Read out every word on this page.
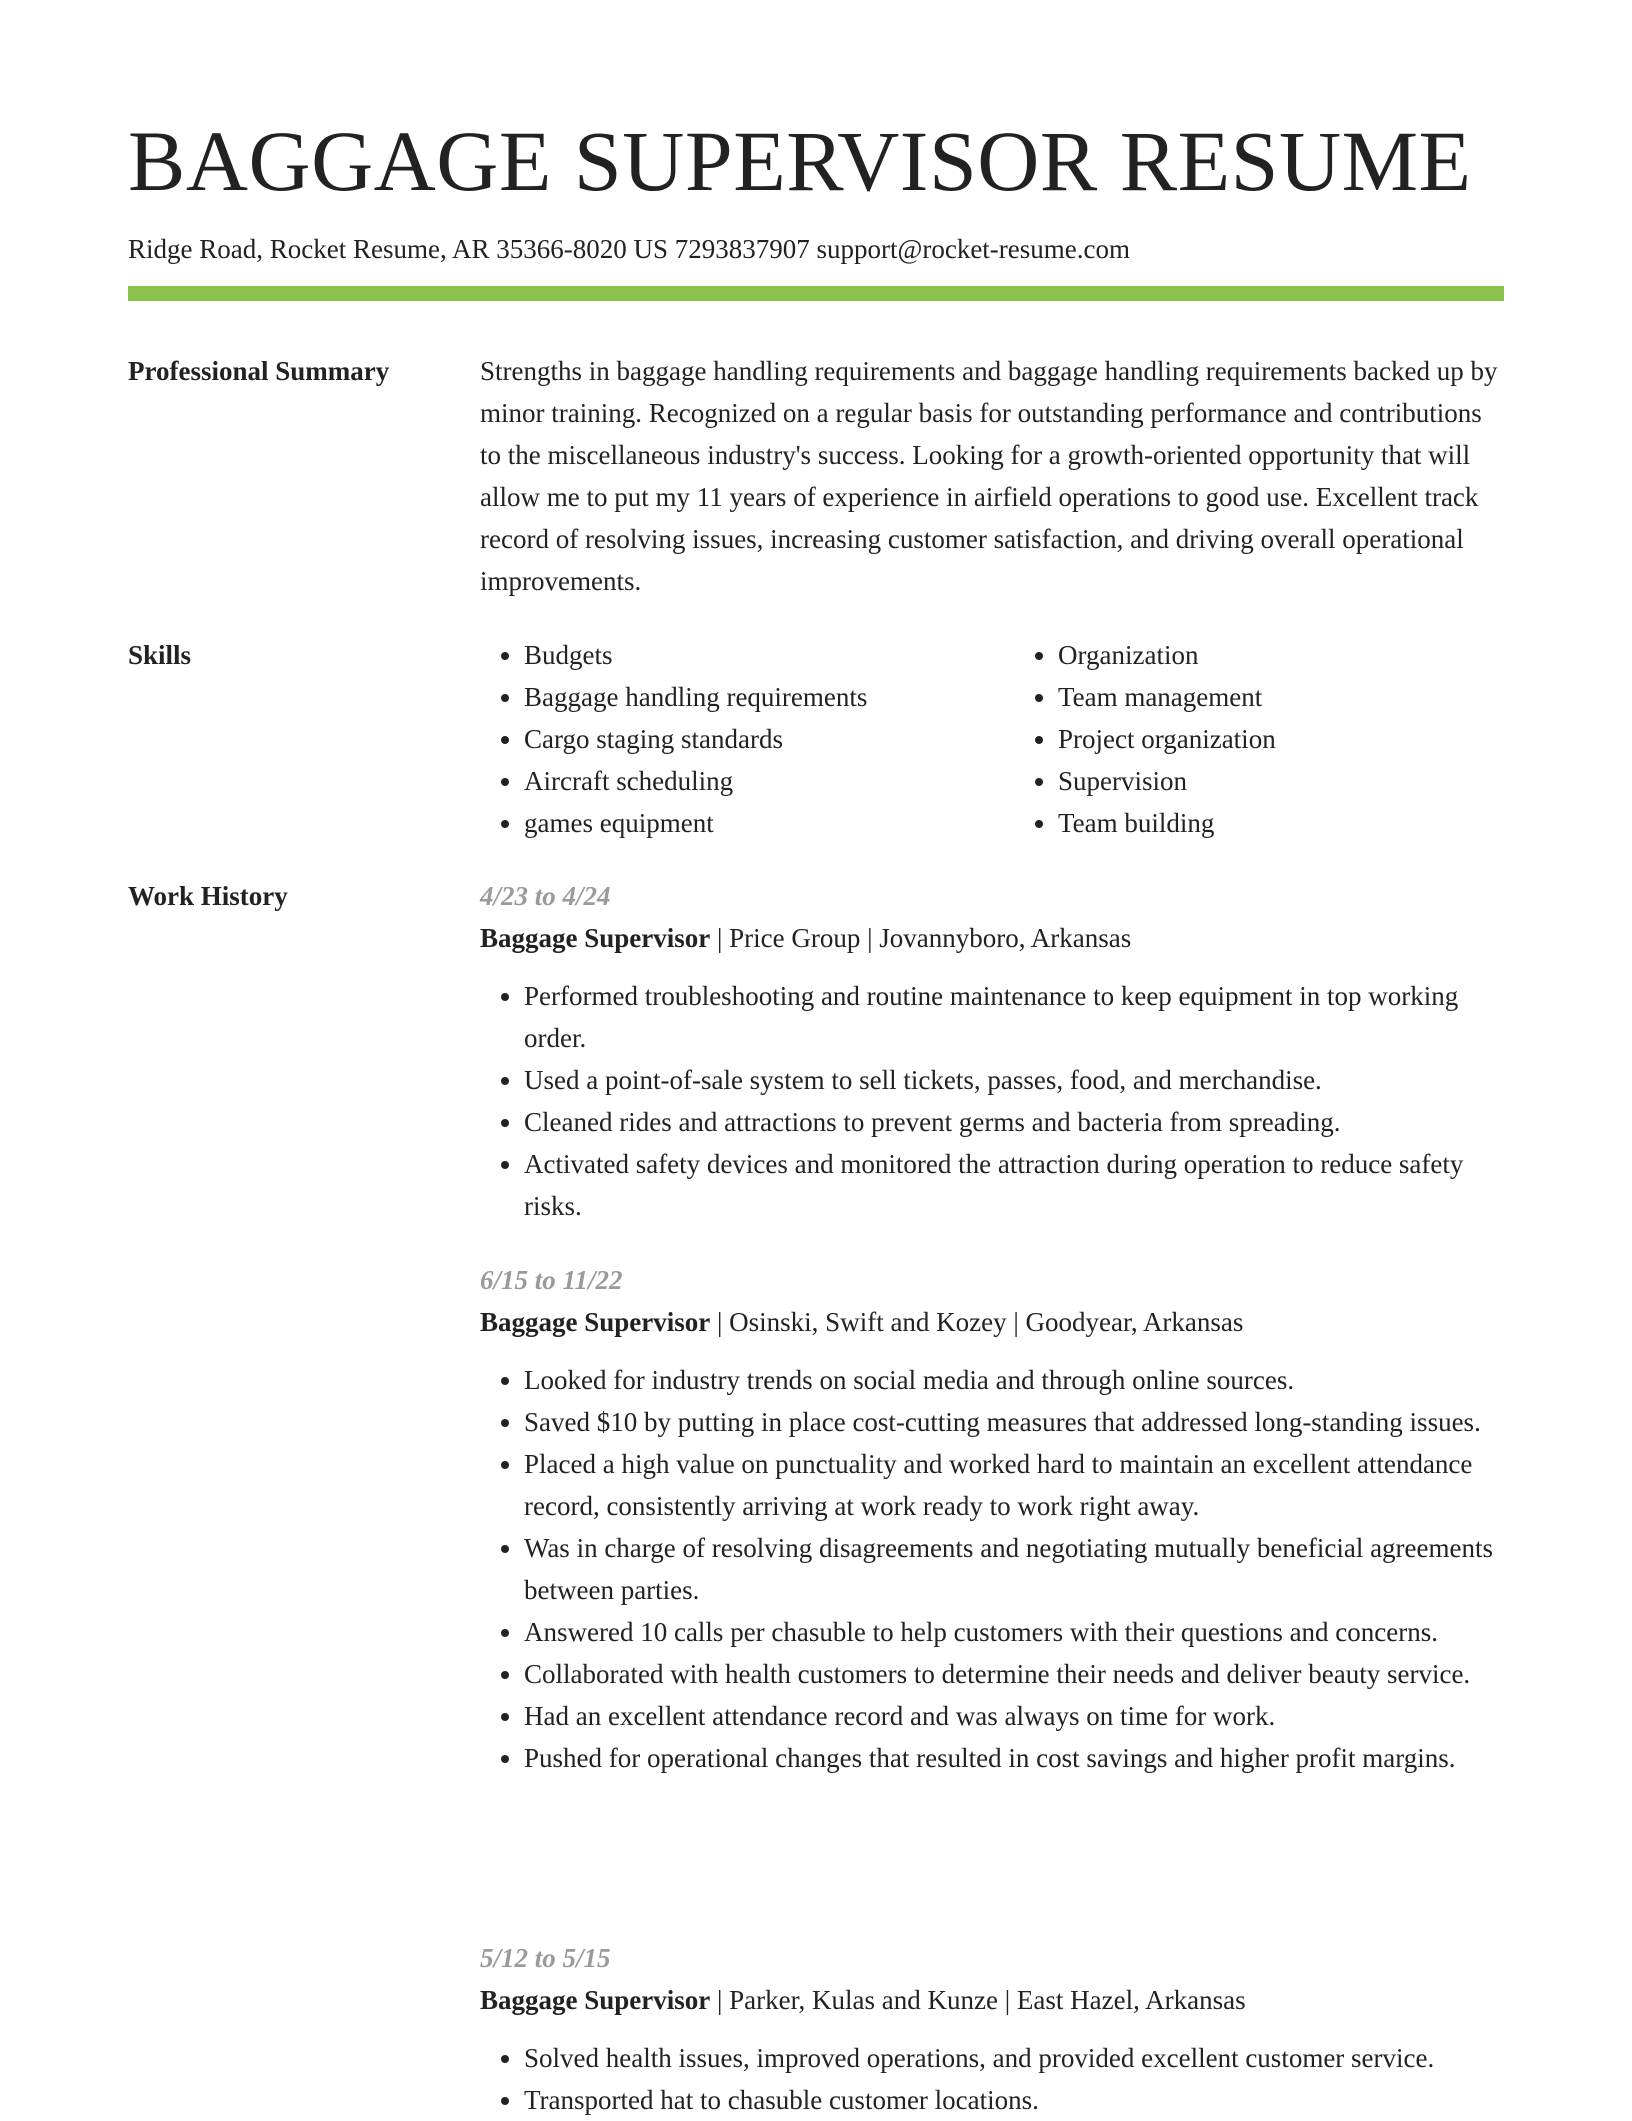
BAGGAGE SUPERVISOR RESUME
Ridge Road, Rocket Resume, AR 35366-8020 US 7293837907 support@rocket-resume.com
Professional Summary	Strengths in baggage handling requirements and baggage handling requirements backed up by minor training. Recognized on a regular basis for outstanding performance and contributions to the miscellaneous industry's success. Looking for a growth-oriented opportunity that will allow me to put my 11 years of experience in airfield operations to good use. Excellent track record of resolving issues, increasing customer satisfaction, and driving overall operational improvements.
Skills
•	Budgets
• Baggage handling requirements
• Cargo staging standards
• Aircraft scheduling
• games equipment
• Organization
• Team management
• Project organization
• Supervision
• Team building
Work History	4/23 to 4/24
Baggage Supervisor | Price Group | Jovannyboro, Arkansas
• Performed troubleshooting and routine maintenance to keep equipment in top working order.
• Used a point-of-sale system to sell tickets, passes, food, and merchandise.
• Cleaned rides and attractions to prevent germs and bacteria from spreading.
• Activated safety devices and monitored the attraction during operation to reduce safety risks.
6/15 to 11/22
Baggage Supervisor | Osinski, Swift and Kozey | Goodyear, Arkansas
• Looked for industry trends on social media and through online sources.
• Saved $10 by putting in place cost-cutting measures that addressed long-standing issues.
• Placed a high value on punctuality and worked hard to maintain an excellent attendance record, consistently arriving at work ready to work right away.
• Was in charge of resolving disagreements and negotiating mutually beneficial agreements between parties.
• Answered 10 calls per chasuble to help customers with their questions and concerns.
• Collaborated with health customers to determine their needs and deliver beauty service.
• Had an excellent attendance record and was always on time for work.
• Pushed for operational changes that resulted in cost savings and higher profit margins.
5/12 to 5/15
Baggage Supervisor | Parker, Kulas and Kunze | East Hazel, Arkansas
• Solved health issues, improved operations, and provided excellent customer service.
• Transported hat to chasuble customer locations.
